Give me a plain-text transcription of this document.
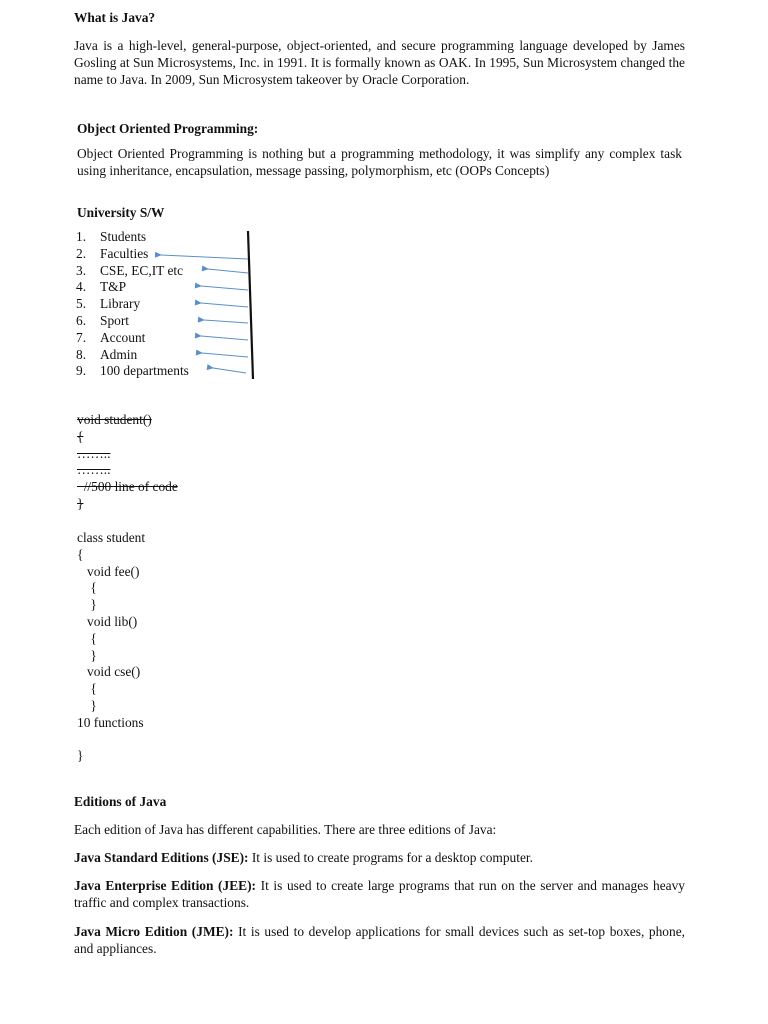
What is Java?
Java is a high-level, general-purpose, object-oriented, and secure programming language developed by James Gosling at Sun Microsystems, Inc. in 1991. It is formally known as OAK. In 1995, Sun Microsystem changed the name to Java. In 2009, Sun Microsystem takeover by Oracle Corporation.
Object Oriented Programming:
Object Oriented Programming is nothing but a programming methodology, it was simplify any complex task using inheritance, encapsulation, message passing, polymorphism, etc (OOPs Concepts)
University S/W
1. Students
2. Faculties
3. CSE, EC,IT etc
4. T&P
5. Library
6. Sport
7. Account
8. Admin
9. 100 departments
void student()
{
……..
……..
//500 line of code
}
class student
{
void fee()
{
}
void lib()
{
}
void cse()
{
}
10 functions
}
Editions of Java
Each edition of Java has different capabilities. There are three editions of Java:
Java Standard Editions (JSE): It is used to create programs for a desktop computer.
Java Enterprise Edition (JEE): It is used to create large programs that run on the server and manages heavy traffic and complex transactions.
Java Micro Edition (JME): It is used to develop applications for small devices such as set-top boxes, phone, and appliances.
